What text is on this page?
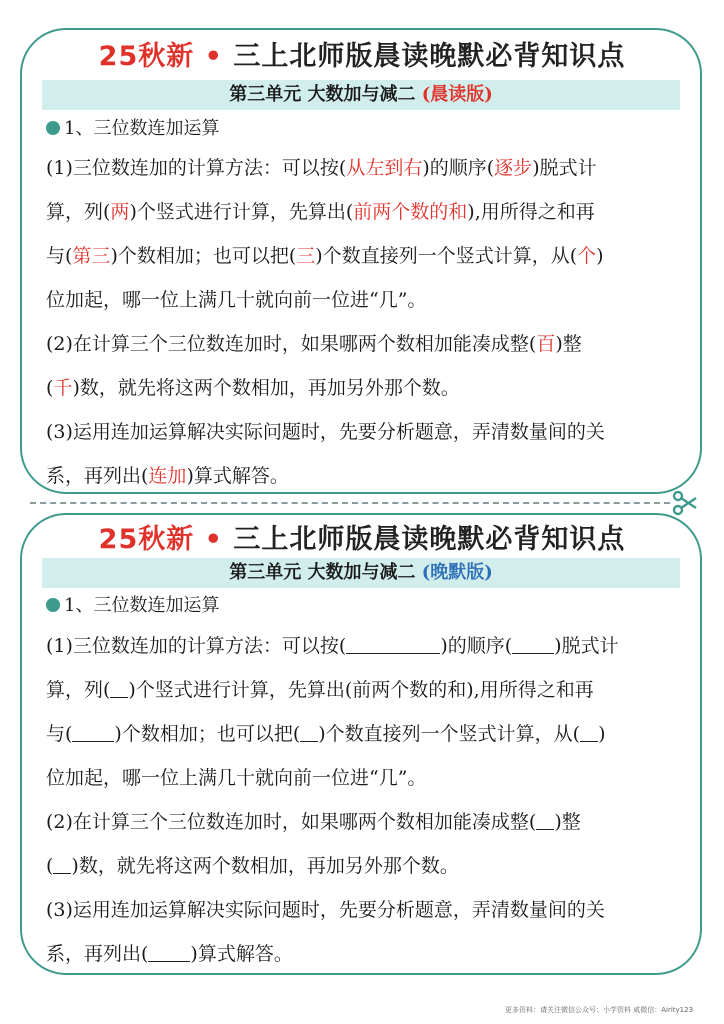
25秋新 • 三上北师版晨读晚默必背知识点
第三单元 大数加与减二 (晨读版)
1、三位数连加运算

(1)三位数连加的计算方法：可以按(从左到右)的顺序(逐步)脱式计

算，列(两)个竖式进行计算，先算出(前两个数的和),用所得之和再

与(第三)个数相加；也可以把(三)个数直接列一个竖式计算，从(个)

位加起，哪一位上满几十就向前一位进“几”。

(2)在计算三个三位数连加时，如果哪两个数相加能凑成整(百)整

(千)数，就先将这两个数相加，再加另外那个数。

(3)运用连加运算解决实际问题时，先要分析题意，弄清数量间的关

系，再列出(连加)算式解答。

25秋新 • 三上北师版晨读晚默必背知识点
第三单元 大数加与减二 (晚默版)
1、三位数连加运算

(1)三位数连加的计算方法：可以按(	)的顺序( )脱式计

算，列( )个竖式进行计算，先算出(前两个数的和),用所得之和再

与( )个数相加；也可以把( )个数直接列一个竖式计算，从( )

位加起，哪一位上满几十就向前一位进“几”。

(2)在计算三个三位数连加时，如果哪两个数相加能凑成整( )整

( )数，就先将这两个数相加，再加另外那个数。

(3)运用连加运算解决实际问题时，先要分析题意，弄清数量间的关

系，再列出( )算式解答。

更多资料：请关注微信公众号：小学资料 咸微信：Airity123
